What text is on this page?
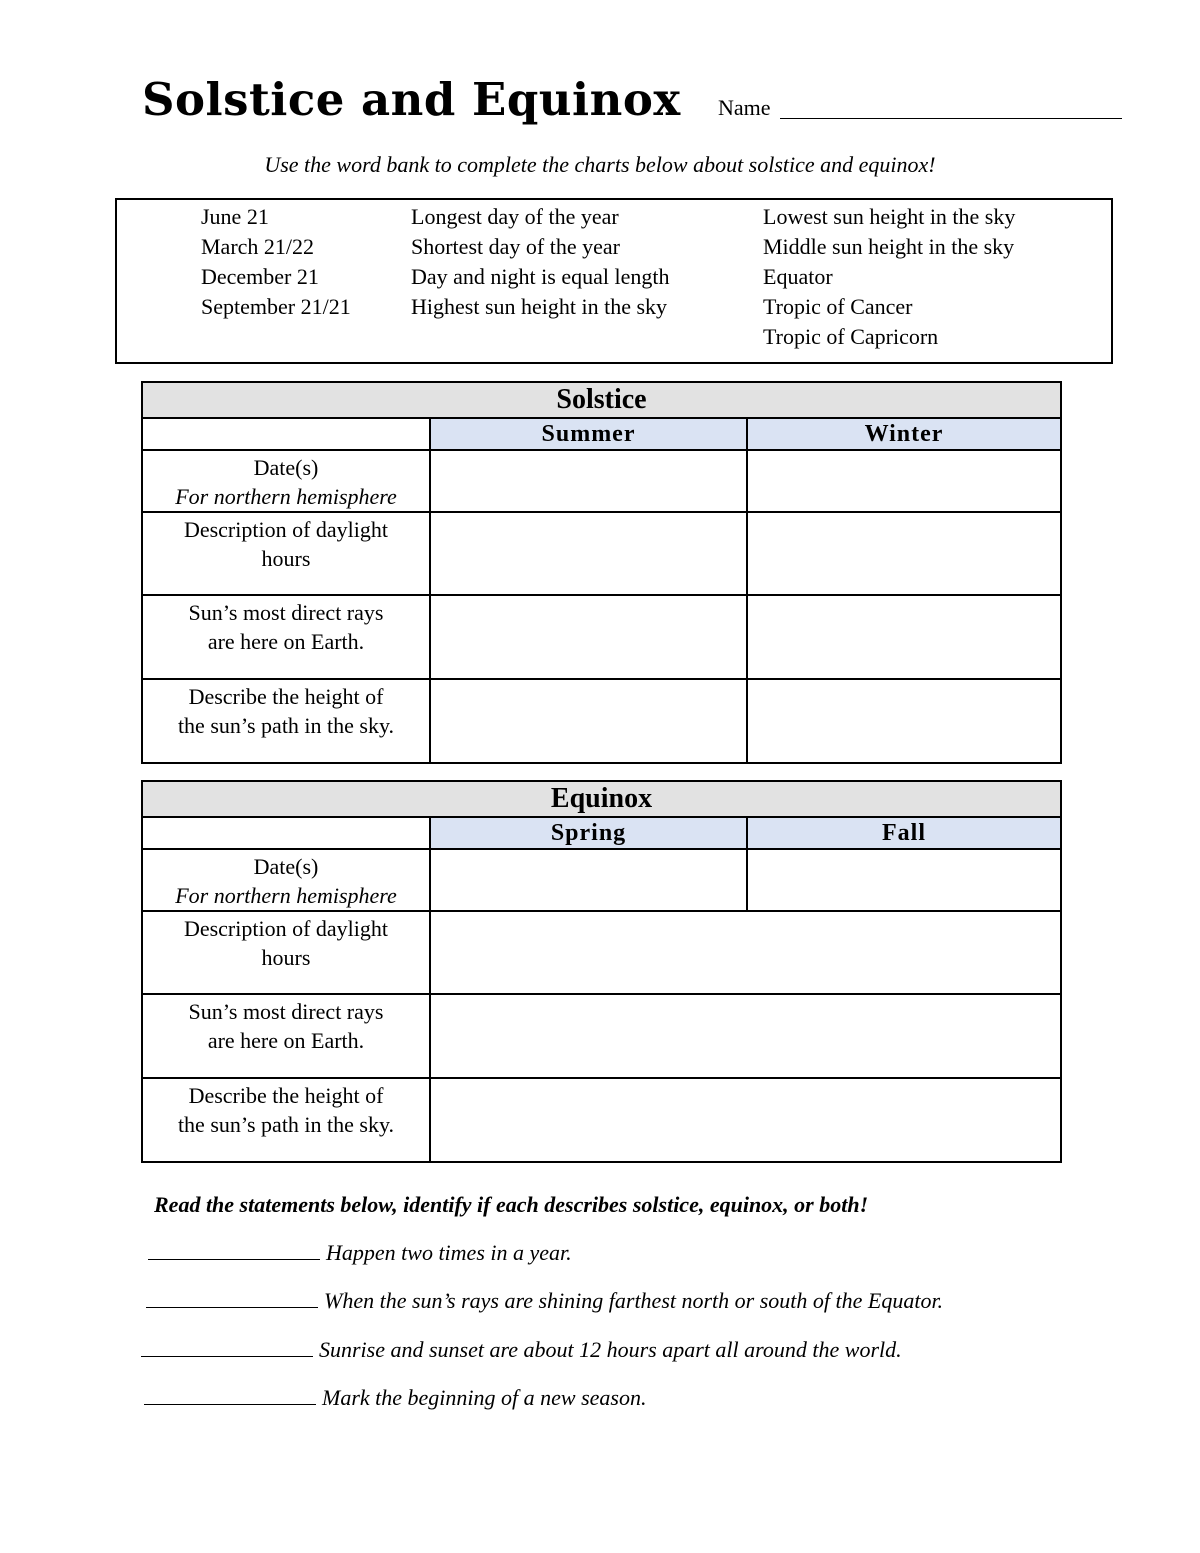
Solstice and Equinox Name
Use the word bank to complete the charts below about solstice and equinox!
June 21
March 21/22
December 21
September 21/21
Longest day of the year
Shortest day of the year
Day and night is equal length
Highest sun height in the sky
Lowest sun height in the sky
Middle sun height in the sky
Equator
Tropic of Cancer
Tropic of Capricorn
Solstice		
	Summer	Winter

Date(s)
For northern hemisphere		

Description of daylight
hours		

Sun’s most direct rays
are here on Earth.		

Describe the height of
the sun’s path in the sky.		

Equinox		
	Spring	Fall

Date(s)
For northern hemisphere		

Description of daylight
hours		

Sun’s most direct rays
are here on Earth.		

Describe the height of
the sun’s path in the sky.		

Read the statements below, identify if each describes solstice, equinox, or both!
Happen two times in a year.
When the sun’s rays are shining farthest north or south of the Equator.
Sunrise and sunset are about 12 hours apart all around the world.
Mark the beginning of a new season.
